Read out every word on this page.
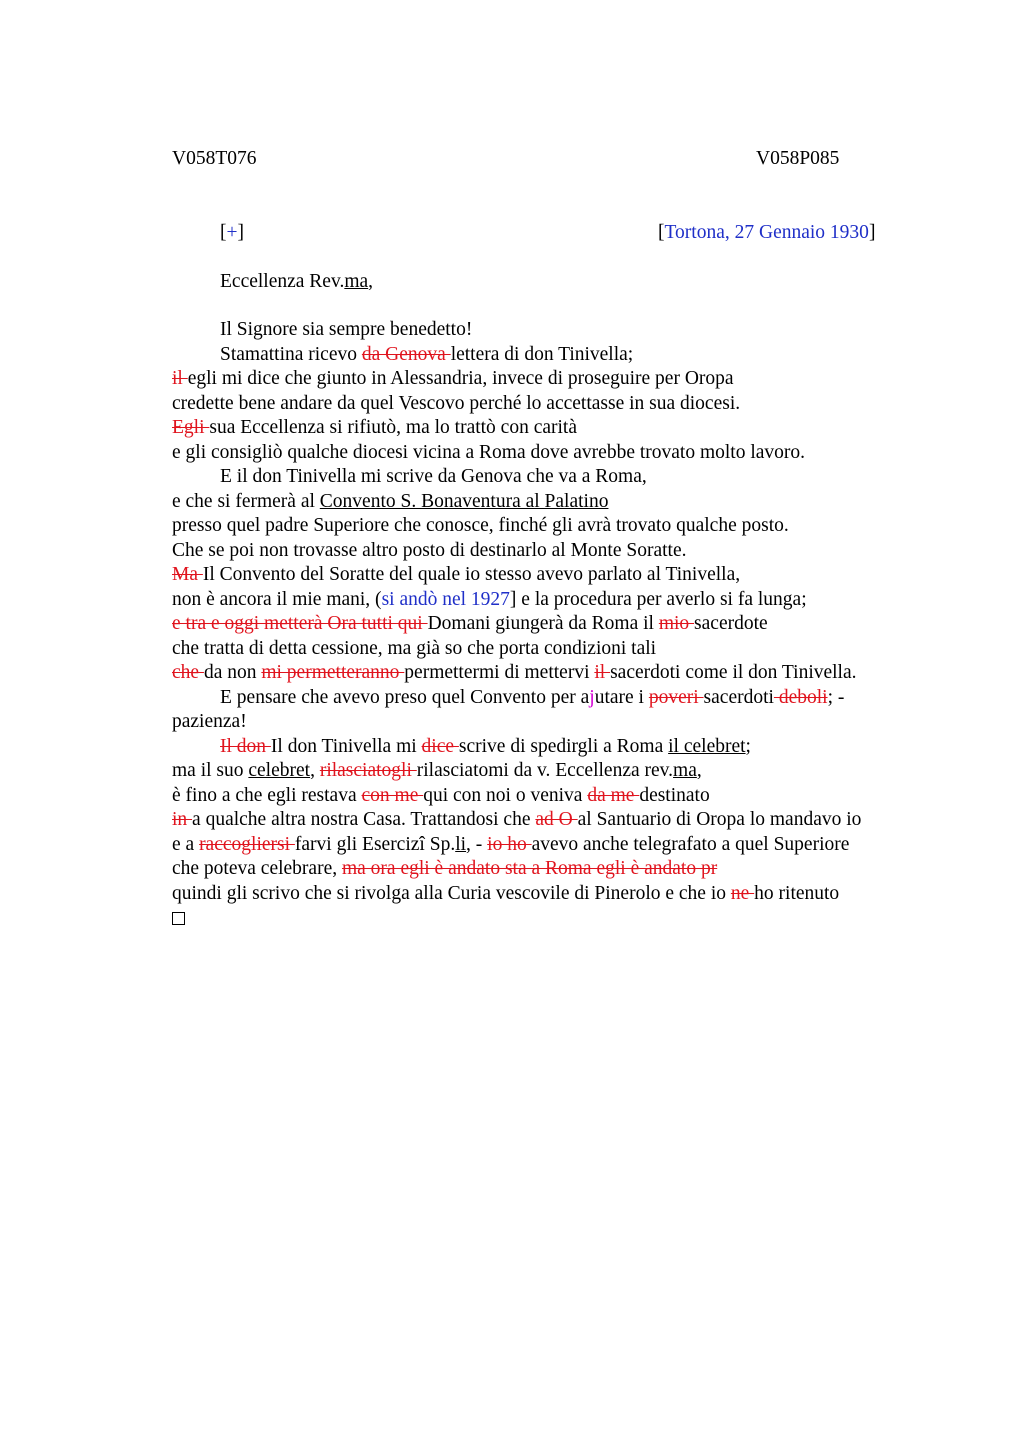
V058T076	V058P085
[+]	[Tortona, 27 Gennaio 1930]
Eccellenza Rev.ma,
Il Signore sia sempre benedetto!
Stamattina ricevo da Genova lettera di don Tinivella;
il egli mi dice che giunto in Alessandria, invece di proseguire per Oropa
credette bene andare da quel Vescovo perché lo accettasse in sua diocesi.
Egli sua Eccellenza si rifiutò, ma lo trattò con carità
e gli consigliò qualche diocesi vicina a Roma dove avrebbe trovato molto lavoro.
E il don Tinivella mi scrive da Genova che va a Roma,
e che si fermerà al Convento S. Bonaventura al Palatino
presso quel padre Superiore che conosce, finché gli avrà trovato qualche posto.
Che se poi non trovasse altro posto di destinarlo al Monte Soratte.
Ma Il Convento del Soratte del quale io stesso avevo parlato al Tinivella,
non è ancora il mie mani, (si andò nel 1927] e la procedura per averlo si fa lunga;
e tra e oggi metterà Ora tutti qui Domani giungerà da Roma il mio sacerdote
che tratta di detta cessione, ma già so che porta condizioni tali
che da non mi permetteranno permettermi di mettervi il sacerdoti come il don Tinivella.
E pensare che avevo preso quel Convento per ajutare i poveri sacerdoti deboli; -
pazienza!
Il don Il don Tinivella mi dice scrive di spedirgli a Roma il celebret;
ma il suo celebret, rilasciatogli rilasciatomi da v. Eccellenza rev.ma,
è fino a che egli restava con me qui con noi o veniva da me destinato
in a qualche altra nostra Casa. Trattandosi che ad O al Santuario di Oropa lo mandavo io
e a raccogliersi farvi gli Esercizî Sp.li, - io ho avevo anche telegrafato a quel Superiore
che poteva celebrare, ma ora egli è andato sta a Roma egli è andato pr
quindi gli scrivo che si rivolga alla Curia vescovile di Pinerolo e che io ne ho ritenuto
